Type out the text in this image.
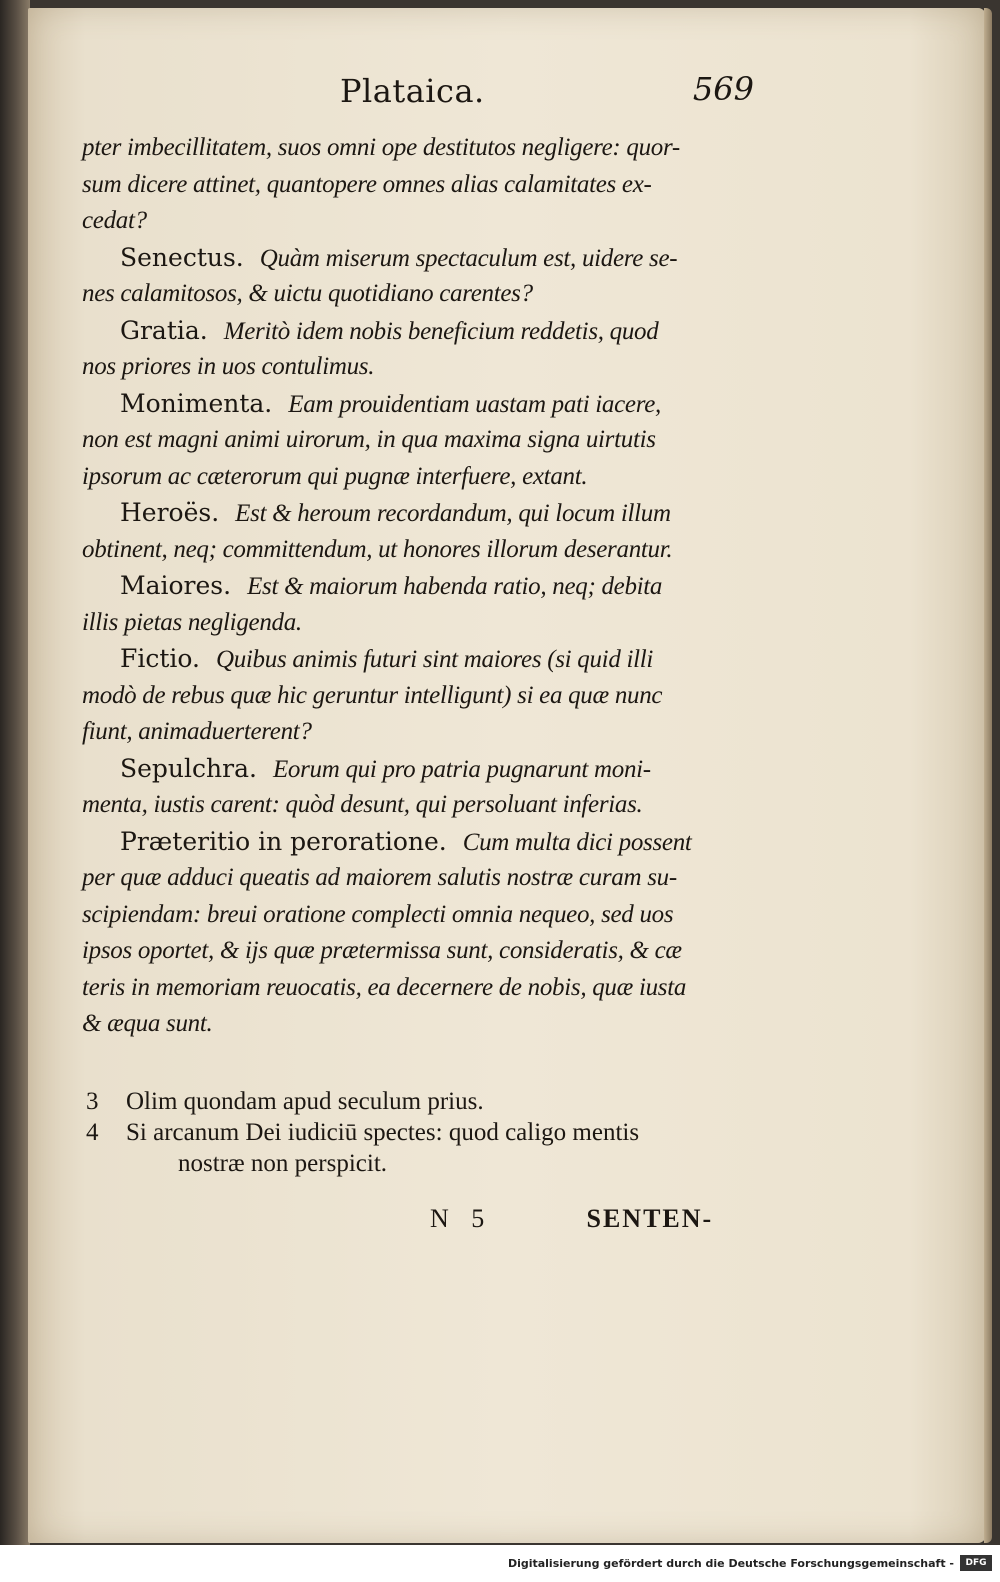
Plataica.	569
pter imbecillitatem, suos omni ope destitutos negligere: quor-
sum dicere attinet, quantopere omnes alias calamitates ex-
cedat?
Senectus. Quàm miserum spectaculum est, uidere se-
nes calamitosos, & uictu quotidiano carentes?
Gratia. Meritò idem nobis beneficium reddetis, quod
nos priores in uos contulimus.
Monimenta. Eam prouidentiam uastam pati iacere,
non est magni animi uirorum, in qua maxima signa uirtutis
ipsorum ac cæterorum qui pugnæ interfuere, extant.
Heroës. Est & heroum recordandum, qui locum illum
obtinent, neq; committendum, ut honores illorum deserantur.
Maiores. Est & maiorum habenda ratio, neq; debita
illis pietas negligenda.
Fictio. Quibus animis futuri sint maiores (si quid illi
modò de rebus quæ hic geruntur intelligunt) si ea quæ nunc
fiunt, animaduerterent?
Sepulchra. Eorum qui pro patria pugnarunt moni-
menta, iustis carent: quòd desunt, qui persoluant inferias.
Præteritio in peroratione. Cum multa dici possent
per quæ adduci queatis ad maiorem salutis nostræ curam su-
scipiendam: breui oratione complecti omnia nequeo, sed uos
ipsos oportet, & ijs quæ prætermissa sunt, consideratis, & cæ
teris in memoriam reuocatis, ea decernere de nobis, quæ iusta
& æqua sunt.
3 Olim quondam apud seculum prius.
4 Si arcanum Dei iudiciū spectes: quod caligo mentis
nostræ non perspicit.
N 5	SENTEN-
Digitalisierung gefördert durch die Deutsche Forschungsgemeinschaft -	DFG
